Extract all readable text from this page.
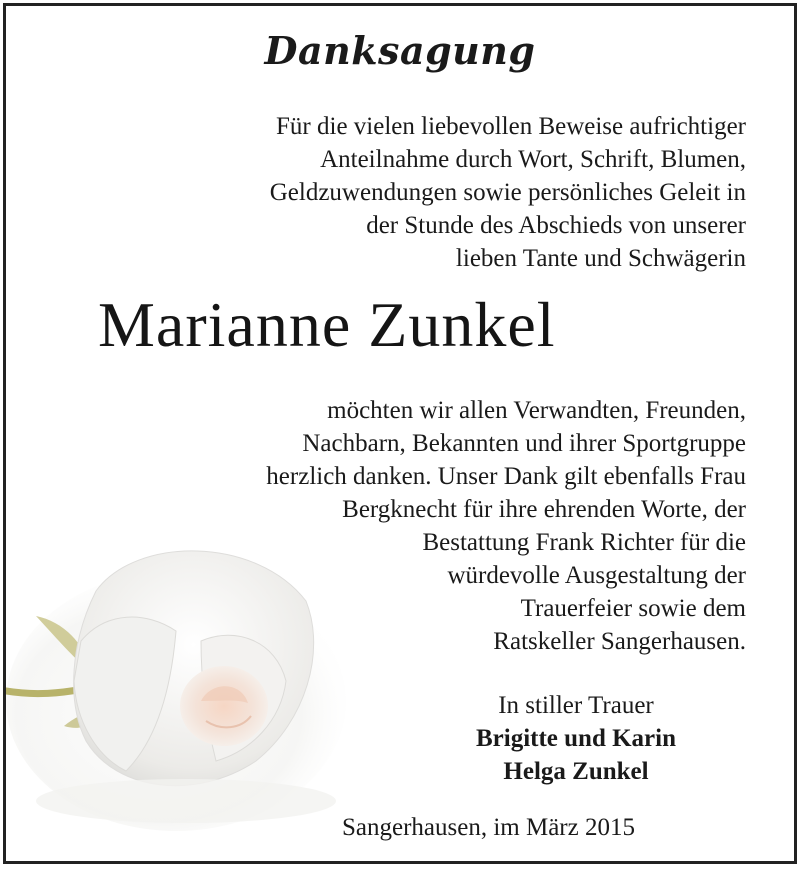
Danksagung
Für die vielen liebevollen Beweise aufrichtiger
Anteilnahme durch Wort, Schrift, Blumen,
Geldzuwendungen sowie persönliches Geleit in
der Stunde des Abschieds von unserer
lieben Tante und Schwägerin
Marianne Zunkel
möchten wir allen Verwandten, Freunden,
Nachbarn, Bekannten und ihrer Sportgruppe
herzlich danken. Unser Dank gilt ebenfalls Frau
Bergknecht für ihre ehrenden Worte, der
Bestattung Frank Richter für die
würdevolle Ausgestaltung der
Trauerfeier sowie dem
Ratskeller Sangerhausen.
In stiller Trauer
Brigitte und Karin
Helga Zunkel
Sangerhausen, im März 2015
